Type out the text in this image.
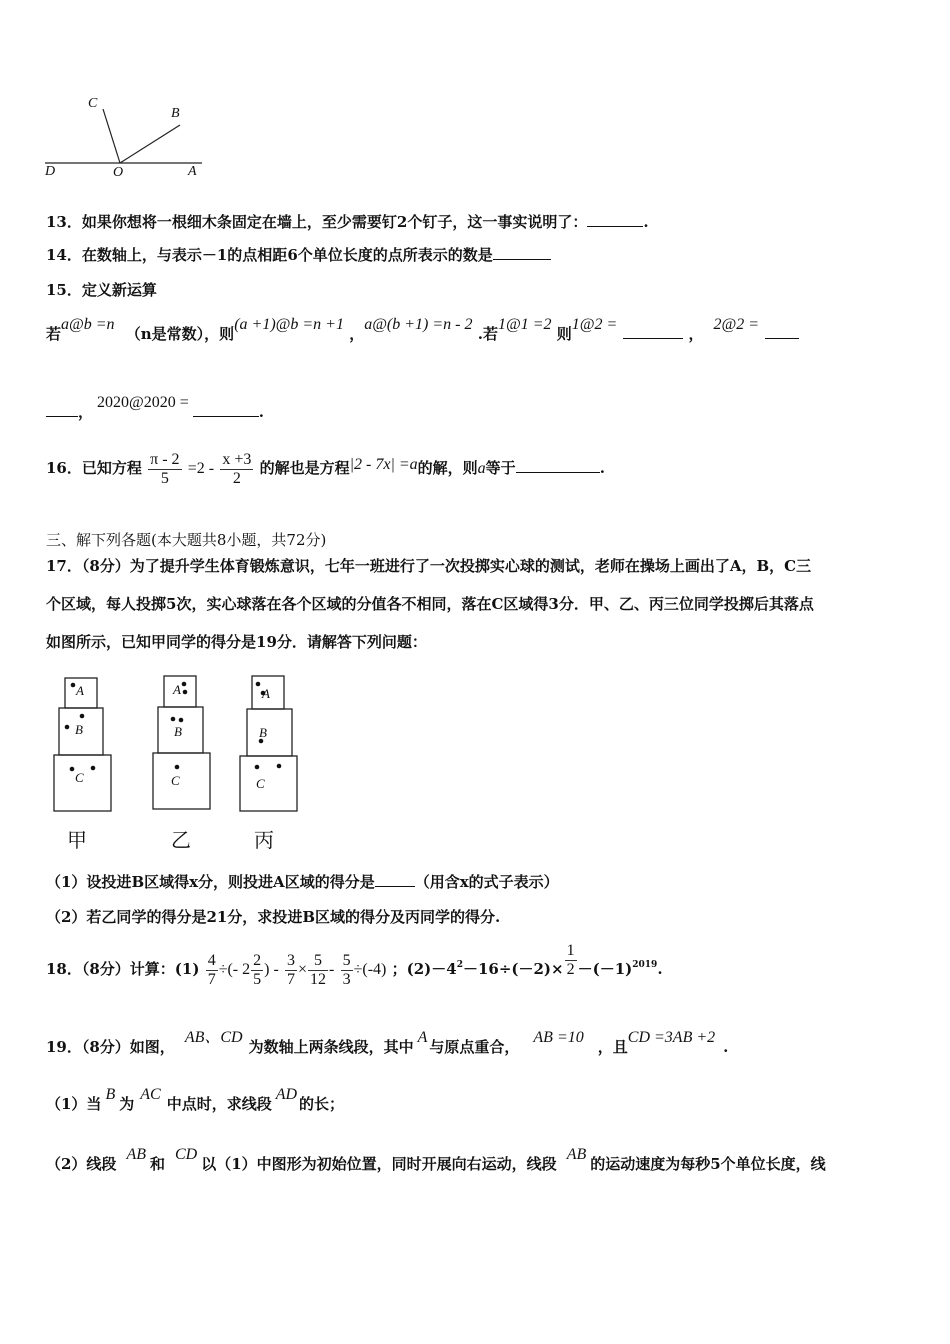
C
B
D	O	A
13．如果你想将一根细木条固定在墙上，至少需要钉2个钉子，这一事实说明了：	.
14．在数轴上，与表示－1的点相距6个单位长度的点所表示的数是
15．定义新运算
若a@b =n （n是常数），则(a +1)@b =n +1 ，a@(b +1) =n - 2 .若1@1 =2 则1@2 = ，2@2 =
，2020@2020 =.
16．已知方程 $\frac{\pi - 2}{5} =2 - \frac{x +3}{2}$ 的解也是方程|2 - 7x| =a的解，则a等于	.
三、解下列各题(本大题共8小题，共72分)
17．（8分）为了提升学生体育锻炼意识，七年一班进行了一次投掷实心球的测试，老师在操场上画出了A，B，C三
个区域，每人投掷5次，实心球落在各个区域的分值各不相同，落在C区域得3分．甲、乙、丙三位同学投掷后其落点
如图所示，已知甲同学的得分是19分．请解答下列问题：
A
B
C
A
B
C
A
B
C
甲	乙	丙
（1）设投进B区域得x分，则投进A区域的得分是	（用含x的式子表示）
（2）若乙同学的得分是21分，求投进B区域的得分及丙同学的得分.
18．（8分）计算：$(1) \frac{4}{7}$ ÷(- $2 \frac{2}{5}$ ) - $\frac{3}{7} \times \frac{5}{12} - \frac{5}{3} \div(-4)$ ；$(2)-4^2-16\div(-2)\times \frac{1}{2} -(-1)^{2019}$.
19．（8分）如图，AB、CD为数轴上两条线段，其中A与原点重合，AB =10，且CD =3AB +2.
（1）当B为AC中点时，求线段AD的长；
（2）线段AB和CD以（1）中图形为初始位置，同时开展向右运动，线段AB的运动速度为每秒5个单位长度，线
